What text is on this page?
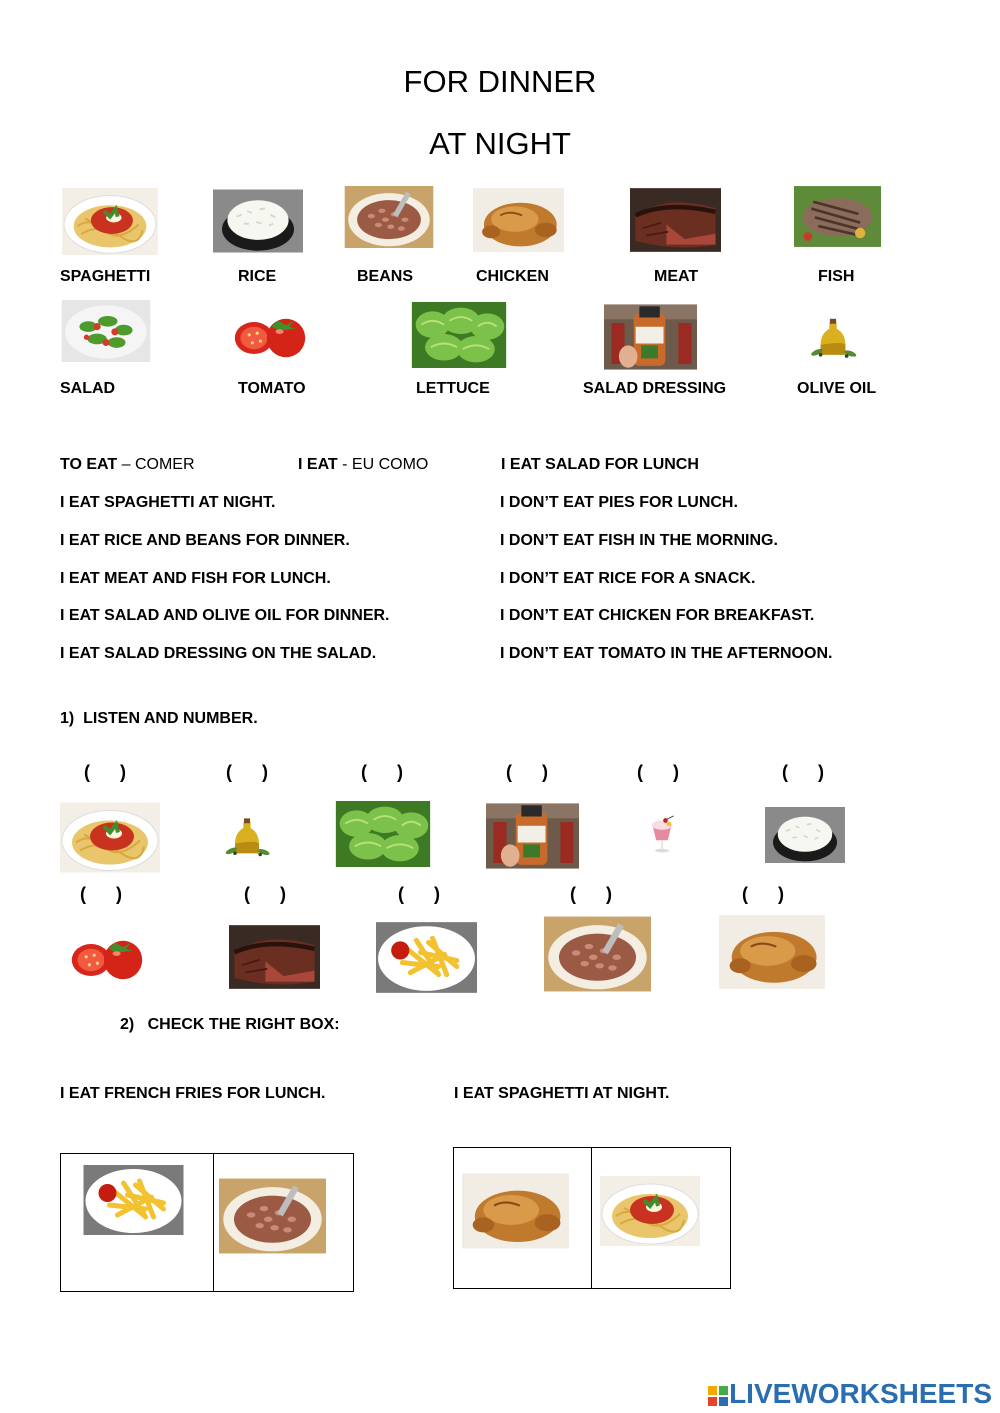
FOR DINNER
AT NIGHT
SPAGHETTI	RICE	BEANS	CHICKEN	MEAT	FISH
SALAD	TOMATO	LETTUCE	SALAD DRESSING	OLIVE OIL
TO EAT – COMER	I EAT - EU COMO
I EAT SPAGHETTI AT NIGHT.
I EAT RICE AND BEANS FOR DINNER.
I EAT MEAT AND FISH FOR LUNCH.
I EAT SALAD AND OLIVE OIL FOR DINNER.
I EAT SALAD DRESSING ON THE SALAD.
I EAT SALAD FOR LUNCH
I DON’T EAT PIES FOR LUNCH.
I DON’T EAT FISH IN THE MORNING.
I DON’T EAT RICE FOR A SNACK.
I DON’T EAT CHICKEN FOR BREAKFAST.
I DON’T EAT TOMATO IN THE AFTERNOON.
1) LISTEN AND NUMBER.
(      )	(      )	(      )	(      )	(      )	(      )
(      )	(      )	(      )	(      )	(      )
2) CHECK THE RIGHT BOX:
I EAT FRENCH FRIES FOR LUNCH.	I EAT SPAGHETTI AT NIGHT.

LIVEWORKSHEETS
